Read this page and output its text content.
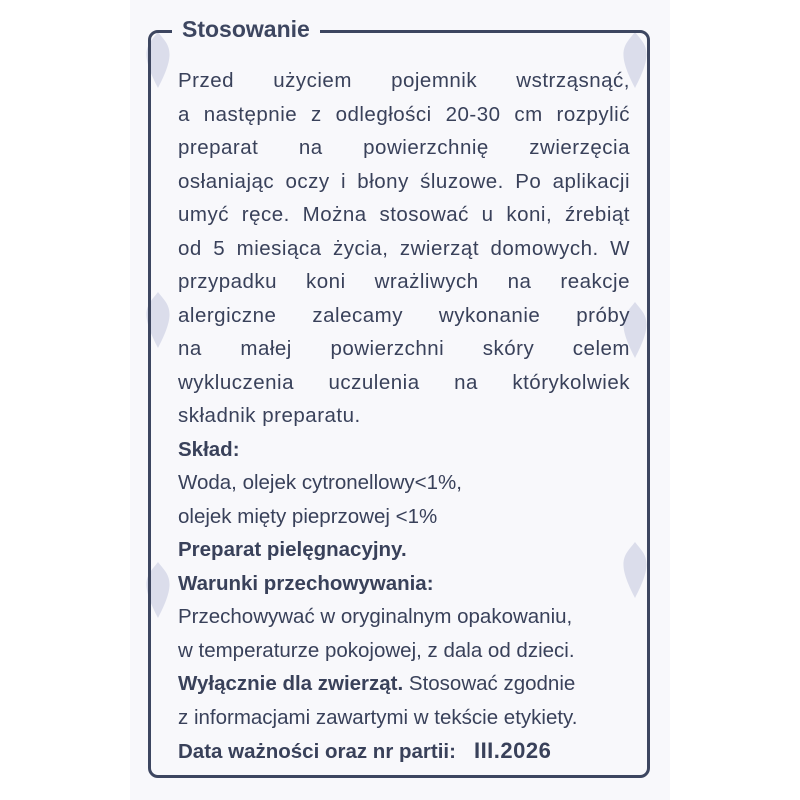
Stosowanie
Przed użyciem pojemnik wstrząsnąć,
a następnie z odległości 20-30 cm rozpylić
preparat na powierzchnię zwierzęcia
osłaniając oczy i błony śluzowe. Po aplikacji
umyć ręce. Można stosować u koni, źrebiąt
od 5 miesiąca życia, zwierząt domowych. W
przypadku koni wrażliwych na reakcje
alergiczne zalecamy wykonanie próby
na małej powierzchni skóry celem
wykluczenia uczulenia na którykolwiek
składnik preparatu.
Skład:
Woda, olejek cytronellowy<1%,
olejek mięty pieprzowej <1%
Preparat pielęgnacyjny.
Warunki przechowywania:
Przechowywać w oryginalnym opakowaniu,
w temperaturze pokojowej, z dala od dzieci.
Wyłącznie dla zwierząt. Stosować zgodnie
z informacjami zawartymi w tekście etykiety.
Data ważności oraz nr partii: III.2026
